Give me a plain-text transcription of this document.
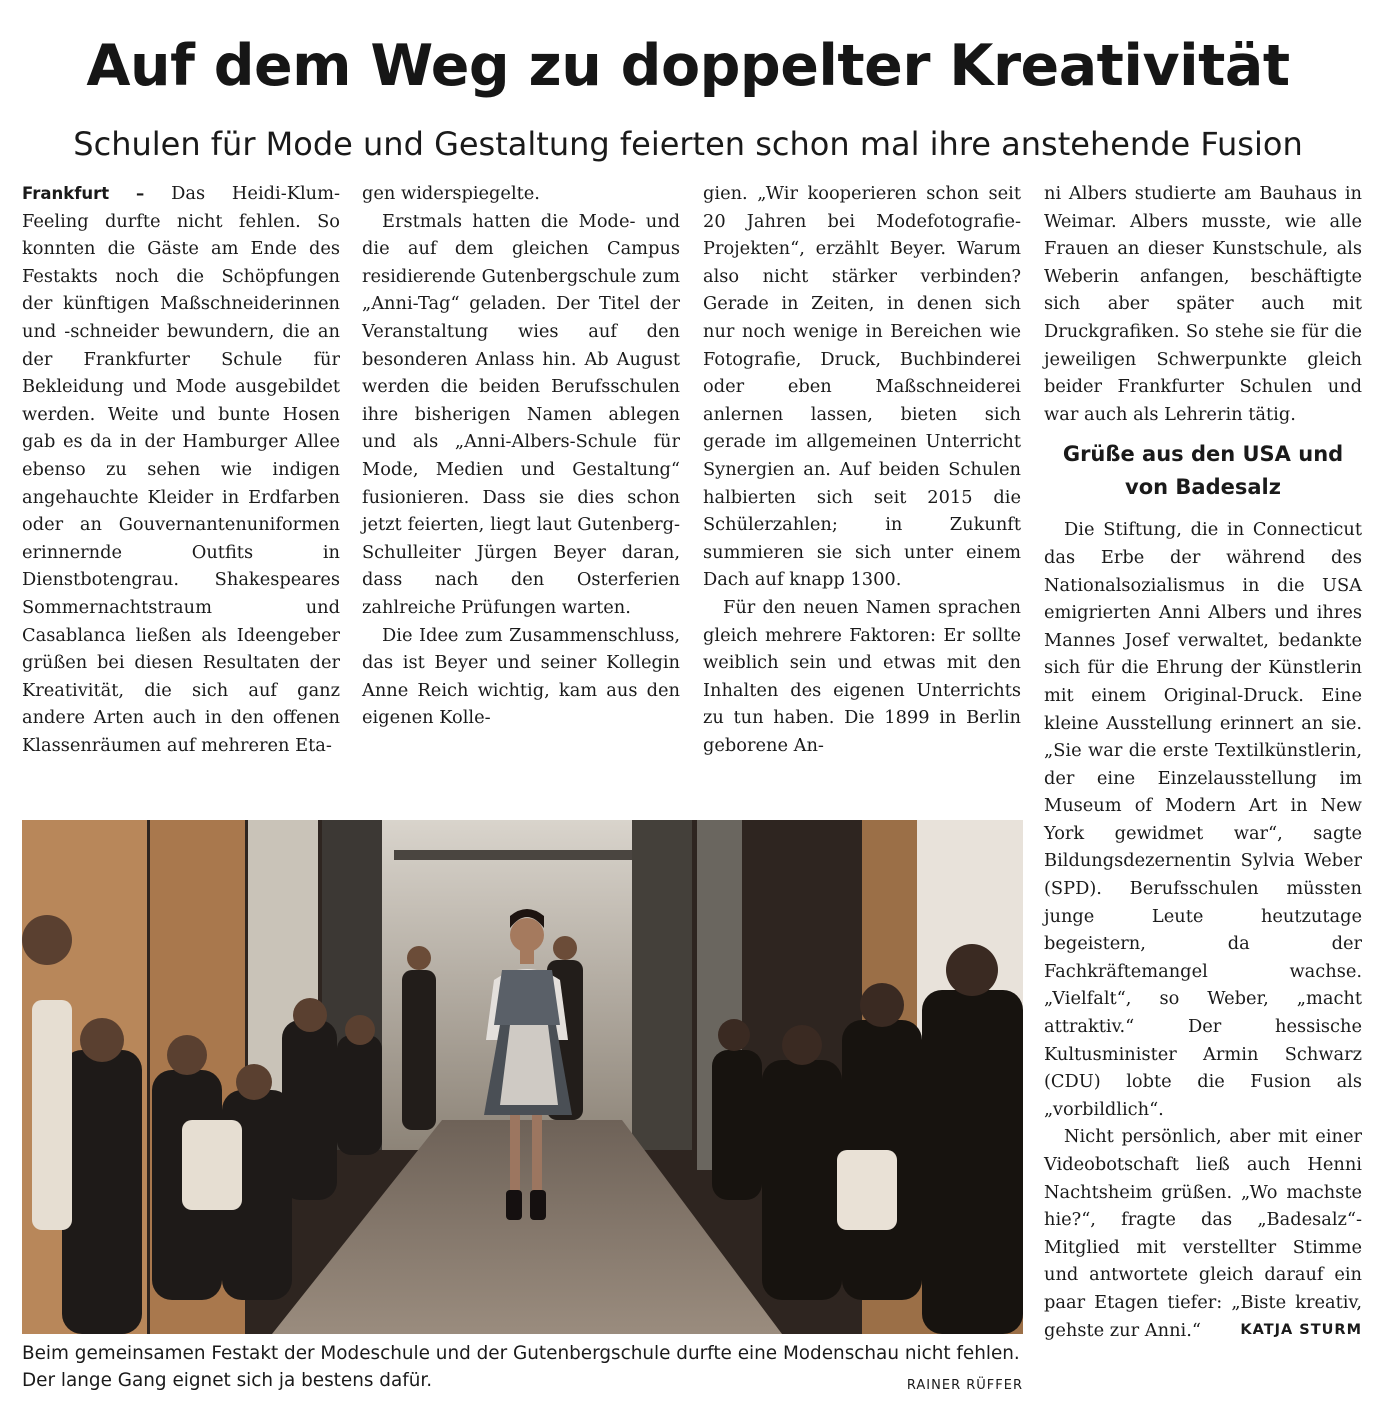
Auf dem Weg zu doppelter Kreativität
Schulen für Mode und Gestaltung feierten schon mal ihre anstehende Fusion

Frankfurt – Das Heidi-Klum-Feeling durfte nicht fehlen. So konnten die Gäste am Ende des Festakts noch die Schöpfungen der künftigen Maßschneiderinnen und -schneider bewundern, die an der Frankfurter Schule für Bekleidung und Mode ausgebildet werden. Weite und bunte Hosen gab es da in der Hamburger Allee ebenso zu sehen wie indigen angehauchte Kleider in Erdfarben oder an Gouvernantenuniformen erinnernde Outfits in Dienstbotengrau. Shakespeares Sommernachtstraum und Casablanca ließen als Ideengeber grüßen bei diesen Resultaten der Kreativität, die sich auf ganz andere Arten auch in den offenen Klassenräumen auf mehreren Eta-

gen widerspiegelte.

Erstmals hatten die Mode- und die auf dem gleichen Campus residierende Gutenbergschule zum „Anni-Tag“ geladen. Der Titel der Veranstaltung wies auf den besonderen Anlass hin. Ab August werden die beiden Berufsschulen ihre bisherigen Namen ablegen und als „Anni-Albers-Schule für Mode, Medien und Gestaltung“ fusionieren. Dass sie dies schon jetzt feierten, liegt laut Gutenberg-Schulleiter Jürgen Beyer daran, dass nach den Osterferien zahlreiche Prüfungen warten.

Die Idee zum Zusammenschluss, das ist Beyer und seiner Kollegin Anne Reich wichtig, kam aus den eigenen Kolle-

gien. „Wir kooperieren schon seit 20 Jahren bei Modefotografie-Projekten“, erzählt Beyer. Warum also nicht stärker verbinden? Gerade in Zeiten, in denen sich nur noch wenige in Bereichen wie Fotografie, Druck, Buchbinderei oder eben Maßschneiderei anlernen lassen, bieten sich gerade im allgemeinen Unterricht Synergien an. Auf beiden Schulen halbierten sich seit 2015 die Schülerzahlen; in Zukunft summieren sie sich unter einem Dach auf knapp 1300.

Für den neuen Namen sprachen gleich mehrere Faktoren: Er sollte weiblich sein und etwas mit den Inhalten des eigenen Unterrichts zu tun haben. Die 1899 in Berlin geborene An-

ni Albers studierte am Bauhaus in Weimar. Albers musste, wie alle Frauen an dieser Kunstschule, als Weberin anfangen, beschäftigte sich aber später auch mit Druckgrafiken. So stehe sie für die jeweiligen Schwerpunkte gleich beider Frankfurter Schulen und war auch als Lehrerin tätig.

Grüße aus den USA und von Badesalz

Die Stiftung, die in Connecticut das Erbe der während des Nationalsozialismus in die USA emigrierten Anni Albers und ihres Mannes Josef verwaltet, bedankte sich für die Ehrung der Künstlerin mit einem Original-Druck. Eine kleine Ausstellung erinnert an sie. „Sie war die erste Textilkünstlerin, der eine Einzelausstellung im Museum of Modern Art in New York gewidmet war“, sagte Bildungsdezernentin Sylvia Weber (SPD). Berufsschulen müssten junge Leute heutzutage begeistern, da der Fachkräftemangel wachse. „Vielfalt“, so Weber, „macht attraktiv.“ Der hessische Kultusminister Armin Schwarz (CDU) lobte die Fusion als „vorbildlich“.

Nicht persönlich, aber mit einer Videobotschaft ließ auch Henni Nachtsheim grüßen. „Wo machste hie?“, fragte das „Badesalz“-Mitglied mit verstellter Stimme und antwortete gleich darauf ein paar Etagen tiefer: „Biste kreativ, gehste zur Anni.“	KATJA STURM

Beim gemeinsamen Festakt der Modeschule und der Gutenbergschule durfte eine Modenschau nicht fehlen. Der lange Gang eignet sich ja bestens dafür.	RAINER RÜFFER
